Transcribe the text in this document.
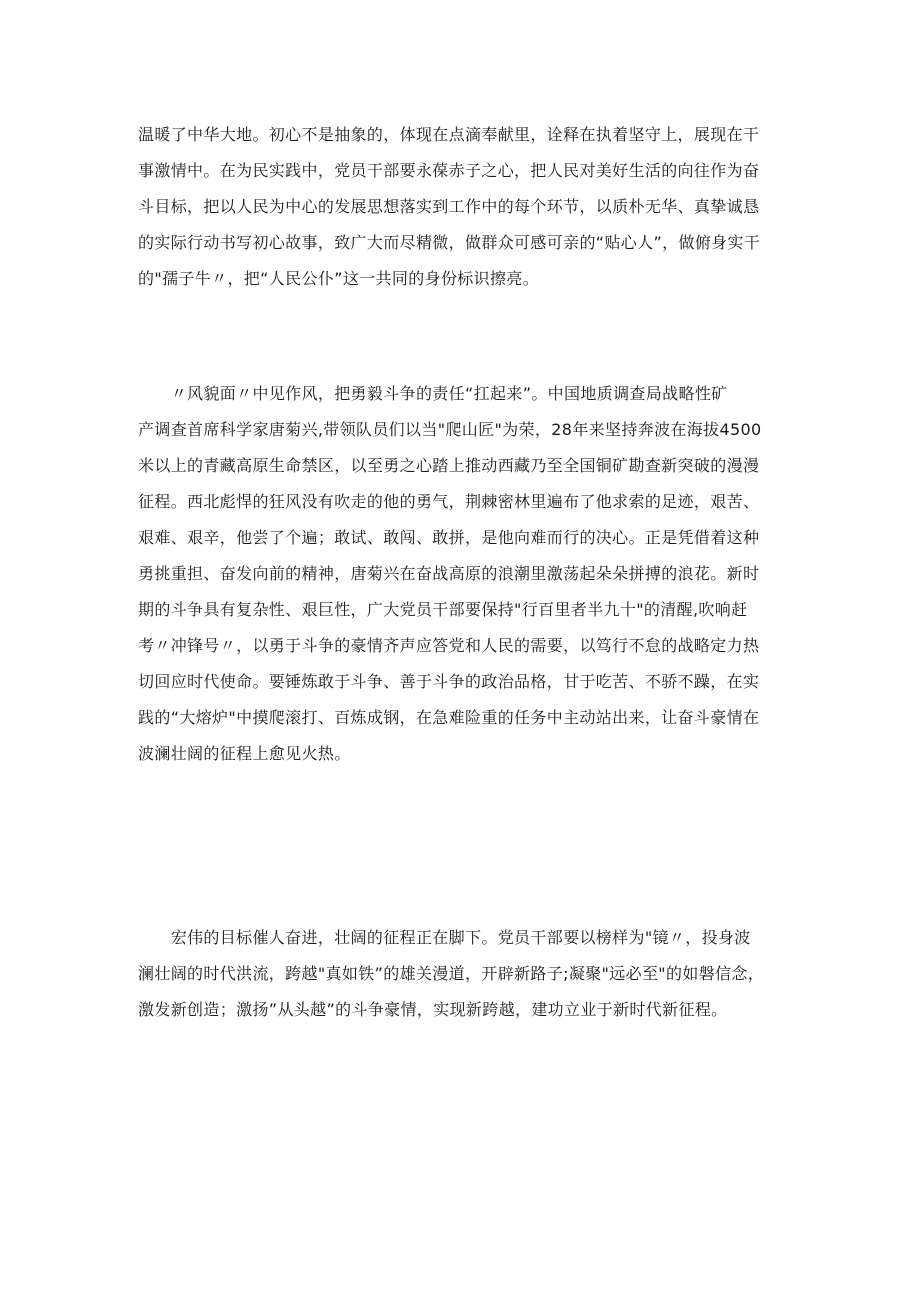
温暖了中华大地。初心不是抽象的，体现在点滴奉献里，诠释在执着坚守上，展现在干
事激情中。在为民实践中，党员干部要永葆赤子之心，把人民对美好生活的向往作为奋
斗目标，把以人民为中心的发展思想落实到工作中的每个环节，以质朴无华、真挚诚恳
的实际行动书写初心故事，致广大而尽精微，做群众可感可亲的“贴心人”，做俯身实干
的"孺子牛〃，把“人民公仆”这一共同的身份标识擦亮。
　　〃风貌面〃中见作风，把勇毅斗争的责任“扛起来”。中国地质调查局战略性矿
产调查首席科学家唐菊兴,带领队员们以当"爬山匠"为荣，28年来坚持奔波在海拔4500
米以上的青藏高原生命禁区，以至勇之心踏上推动西藏乃至全国铜矿勘查新突破的漫漫
征程。西北彪悍的狂风没有吹走的他的勇气，荆棘密林里遍布了他求索的足迹，艰苦、
艰难、艰辛，他尝了个遍；敢试、敢闯、敢拼，是他向难而行的决心。正是凭借着这种
勇挑重担、奋发向前的精神，唐菊兴在奋战高原的浪潮里激荡起朵朵拼搏的浪花。新时
期的斗争具有复杂性、艰巨性，广大党员干部要保持"行百里者半九十"的清醒,吹响赶
考〃冲锋号〃，以勇于斗争的豪情齐声应答党和人民的需要，以笃行不怠的战略定力热
切回应时代使命。要锤炼敢于斗争、善于斗争的政治品格，甘于吃苦、不骄不躁，在实
践的“大熔炉"中摸爬滚打、百炼成钢，在急难险重的任务中主动站出来，让奋斗豪情在
波澜壮阔的征程上愈见火热。
　　宏伟的目标催人奋进，壮阔的征程正在脚下。党员干部要以榜样为"镜〃，投身波
澜壮阔的时代洪流，跨越"真如铁”的雄关漫道，开辟新路子;凝聚"远必至"的如磐信念，
激发新创造；激扬”从头越”的斗争豪情，实现新跨越，建功立业于新时代新征程。
